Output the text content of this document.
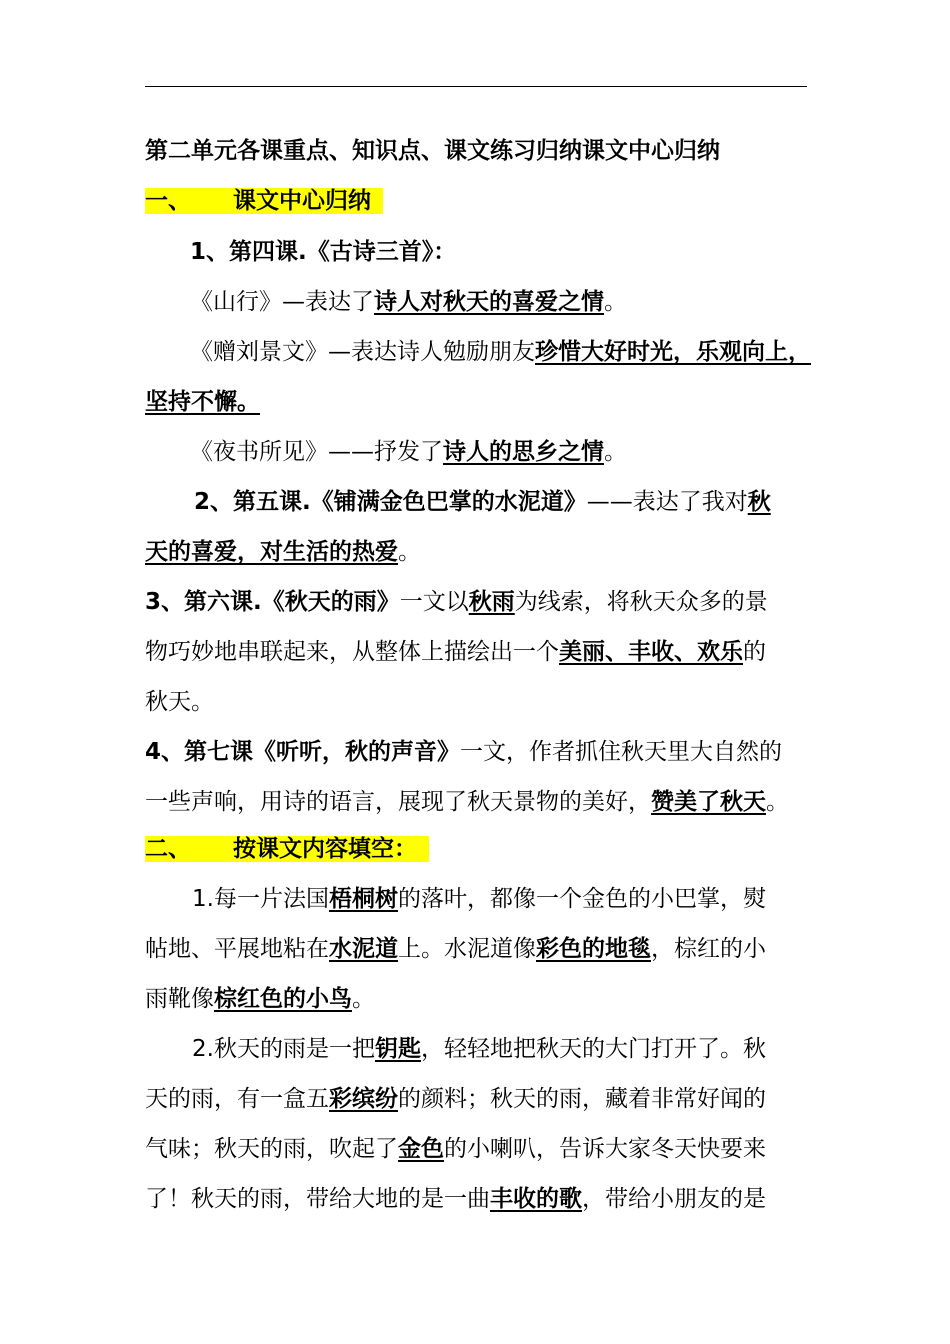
第二单元各课重点、知识点、课文练习归纳课文中心归纳
一、 课文中心归纳
1、第四课.《古诗三首》：
《山行》—表达了诗人对秋天的喜爱之情。
《赠刘景文》—表达诗人勉励朋友珍惜大好时光，乐观向上，
坚持不懈。
《夜书所见》——抒发了诗人的思乡之情。
2、第五课.《铺满金色巴掌的水泥道》——表达了我对秋
天的喜爱，对生活的热爱。
3、第六课.《秋天的雨》一文以秋雨为线索，将秋天众多的景
物巧妙地串联起来，从整体上描绘出一个美丽、丰收、欢乐的
秋天。
4、第七课《听听，秋的声音》一文，作者抓住秋天里大自然的
一些声响，用诗的语言，展现了秋天景物的美好，赞美了秋天。
二、 按课文内容填空：
1.每一片法国梧桐树的落叶，都像一个金色的小巴掌，熨
帖地、平展地粘在水泥道上。水泥道像彩色的地毯，棕红的小
雨靴像棕红色的小鸟。
2.秋天的雨是一把钥匙，轻轻地把秋天的大门打开了。秋
天的雨，有一盒五彩缤纷的颜料；秋天的雨，藏着非常好闻的
气味；秋天的雨，吹起了金色的小喇叭，告诉大家冬天快要来
了！秋天的雨，带给大地的是一曲丰收的歌，带给小朋友的是
